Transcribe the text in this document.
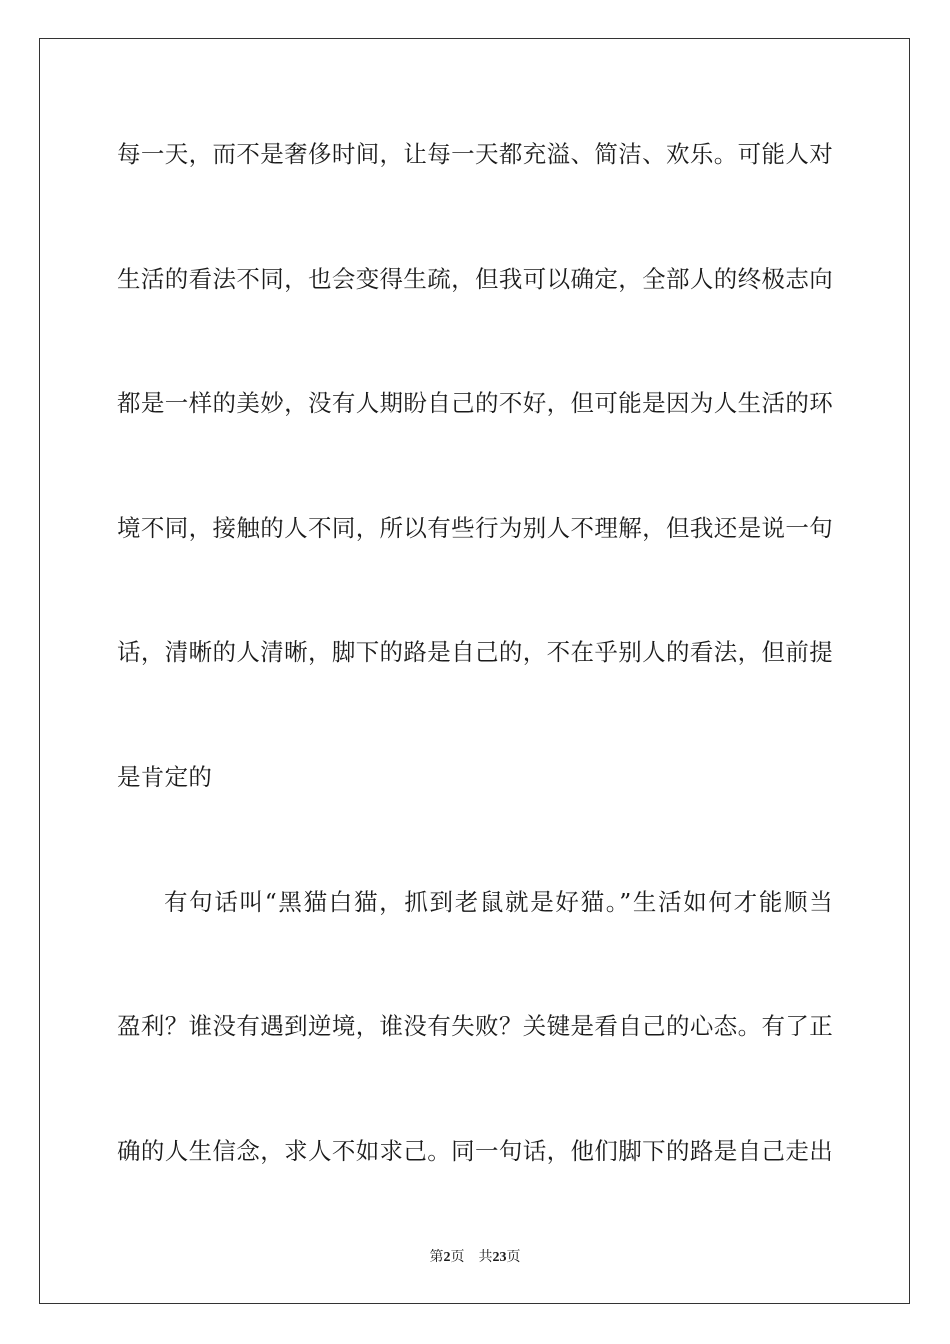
每一天，而不是奢侈时间，让每一天都充溢、简洁、欢乐。可能人对
生活的看法不同，也会变得生疏，但我可以确定，全部人的终极志向
都是一样的美妙，没有人期盼自己的不好，但可能是因为人生活的环
境不同，接触的人不同，所以有些行为别人不理解，但我还是说一句
话，清晰的人清晰，脚下的路是自己的，不在乎别人的看法，但前提
是肯定的
有句话叫“黑猫白猫，抓到老鼠就是好猫。”生活如何才能顺当
盈利？谁没有遇到逆境，谁没有失败？关键是看自己的心态。有了正
确的人生信念，求人不如求己。同一句话，他们脚下的路是自己走出
第2页 共23页
